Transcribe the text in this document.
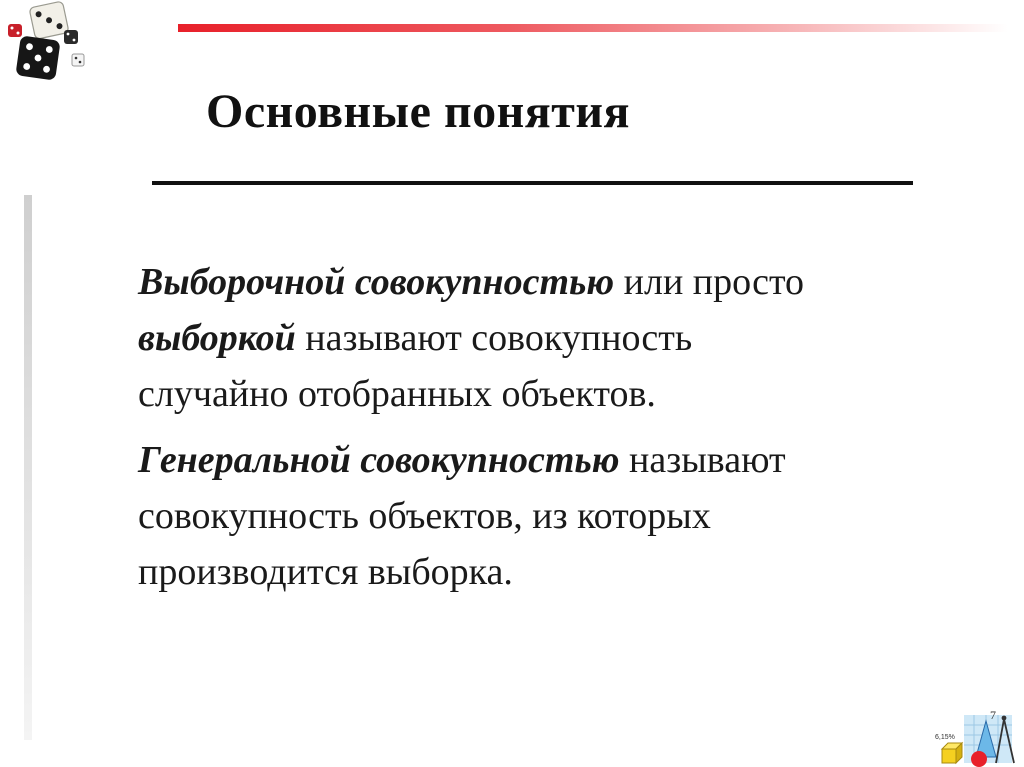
7
6,15%
Основные понятия

Выборочной совокупностью или просто
выборкой называют совокупность
случайно отобранных объектов.

Генеральной совокупностью называют
совокупность объектов, из которых
производится выборка.
